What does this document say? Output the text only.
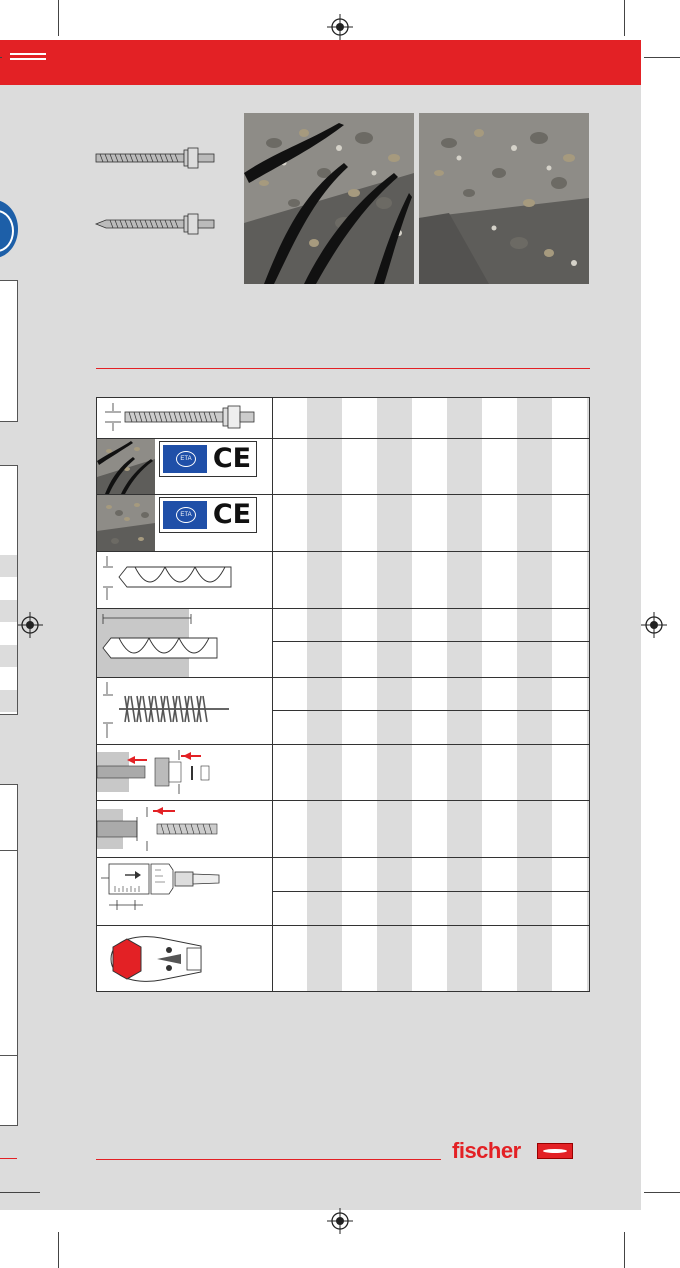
ETA CE
ETA CE
fischer
